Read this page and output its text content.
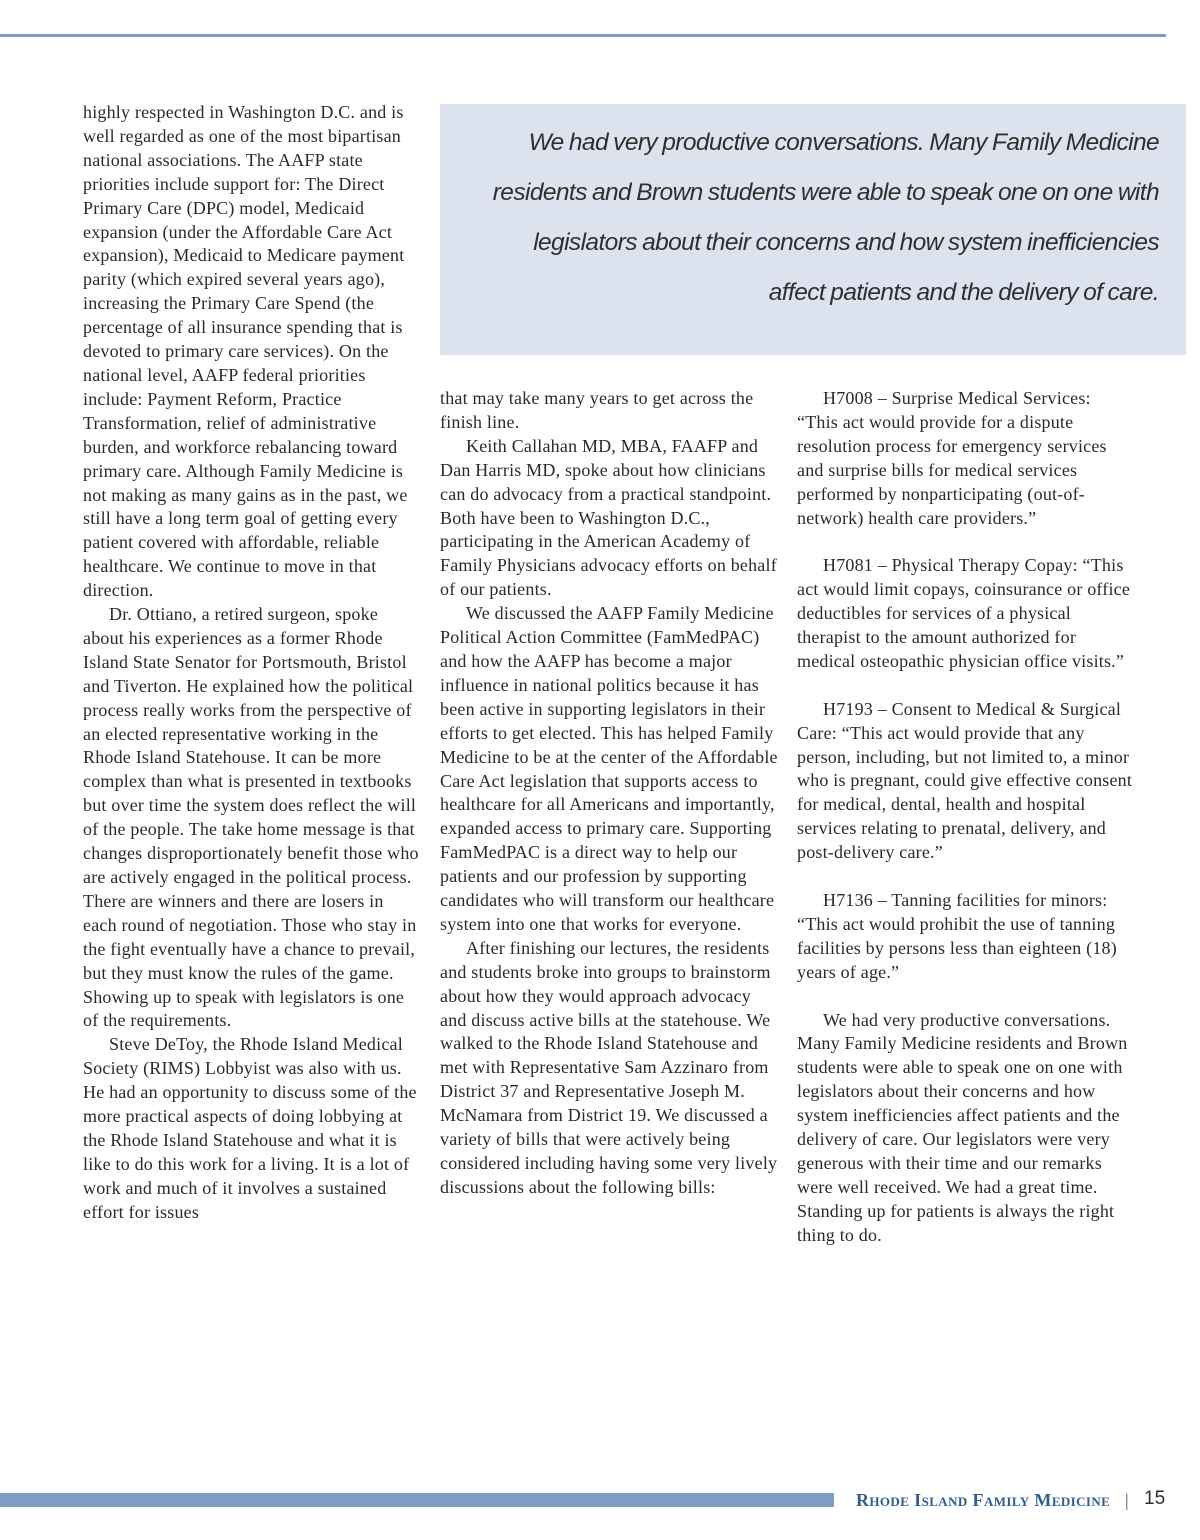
We had very productive conversations. Many Family Medicine residents and Brown students were able to speak one on one with legislators about their concerns and how system inefficiencies affect patients and the delivery of care.

highly respected in Washington D.C. and is well regarded as one of the most bipartisan national associations. The AAFP state priorities include support for: The Direct Primary Care (DPC) model, Medicaid expansion (under the Affordable Care Act expansion), Medicaid to Medicare payment parity (which expired several years ago), increasing the Primary Care Spend (the percentage of all insurance spending that is devoted to primary care services). On the national level, AAFP federal priorities include: Payment Reform, Practice Transformation, relief of administrative burden, and workforce rebalancing toward primary care. Although Family Medicine is not making as many gains as in the past, we still have a long term goal of getting every patient covered with affordable, reliable healthcare. We continue to move in that direction.

Dr. Ottiano, a retired surgeon, spoke about his experiences as a former Rhode Island State Senator for Portsmouth, Bristol and Tiverton. He explained how the political process really works from the perspective of an elected representative working in the Rhode Island Statehouse. It can be more complex than what is presented in textbooks but over time the system does reflect the will of the people. The take home message is that changes disproportionately benefit those who are actively engaged in the political process. There are winners and there are losers in each round of negotiation. Those who stay in the fight eventually have a chance to prevail, but they must know the rules of the game. Showing up to speak with legislators is one of the requirements.

Steve DeToy, the Rhode Island Medical Society (RIMS) Lobbyist was also with us. He had an opportunity to discuss some of the more practical aspects of doing lobbying at the Rhode Island Statehouse and what it is like to do this work for a living. It is a lot of work and much of it involves a sustained effort for issues

that may take many years to get across the finish line.

Keith Callahan MD, MBA, FAAFP and Dan Harris MD, spoke about how clinicians can do advocacy from a practical standpoint. Both have been to Washington D.C., participating in the American Academy of Family Physicians advocacy efforts on behalf of our patients.

We discussed the AAFP Family Medicine Political Action Committee (FamMedPAC) and how the AAFP has become a major influence in national politics because it has been active in supporting legislators in their efforts to get elected. This has helped Family Medicine to be at the center of the Affordable Care Act legislation that supports access to healthcare for all Americans and importantly, expanded access to primary care. Supporting FamMedPAC is a direct way to help our patients and our profession by supporting candidates who will transform our healthcare system into one that works for everyone.

After finishing our lectures, the residents and students broke into groups to brainstorm about how they would approach advocacy and discuss active bills at the statehouse. We walked to the Rhode Island Statehouse and met with Representative Sam Azzinaro from District 37 and Representative Joseph M. McNamara from District 19. We discussed a variety of bills that were actively being considered including having some very lively discussions about the following bills:

H7008 – Surprise Medical Services: “This act would provide for a dispute resolution process for emergency services and surprise bills for medical services performed by nonparticipating (out-of-network) health care providers.”

H7081 – Physical Therapy Copay: “This act would limit copays, coinsurance or office deductibles for services of a physical therapist to the amount authorized for medical osteopathic physician office visits.”

H7193 – Consent to Medical & Surgical Care: “This act would provide that any person, including, but not limited to, a minor who is pregnant, could give effective consent for medical, dental, health and hospital services relating to prenatal, delivery, and post-delivery care.”

H7136 – Tanning facilities for minors: “This act would prohibit the use of tanning facilities by persons less than eighteen (18) years of age.”

We had very productive conversations. Many Family Medicine residents and Brown students were able to speak one on one with legislators about their concerns and how system inefficiencies affect patients and the delivery of care. Our legislators were very generous with their time and our remarks were well received. We had a great time. Standing up for patients is always the right thing to do.

Rhode Island Family Medicine | 15
